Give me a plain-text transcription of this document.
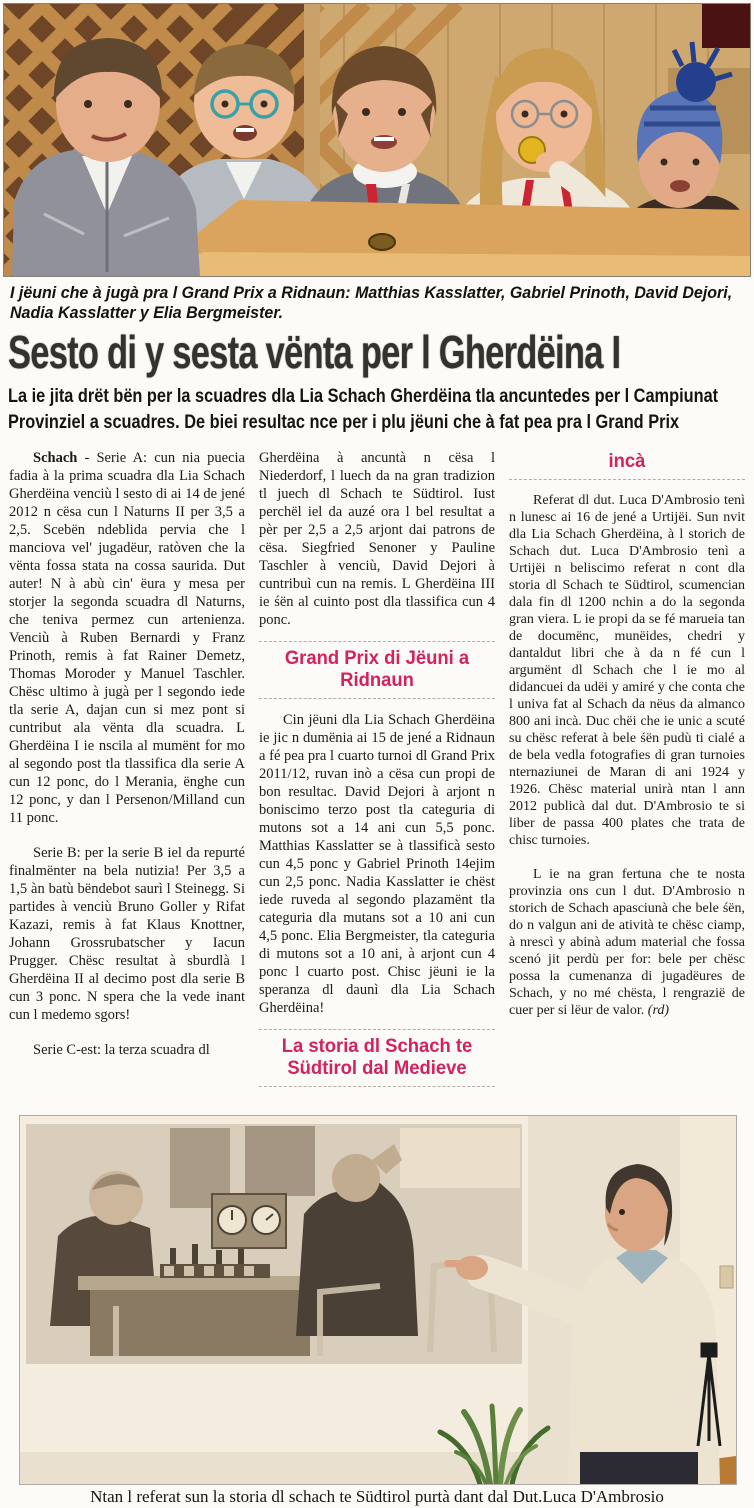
I jëuni che à jugà pra l Grand Prix a Ridnaun: Matthias Kasslatter, Gabriel Prinoth, David Dejori, Nadia Kasslatter y Elia Bergmeister.
Sesto di y sesta vënta per l Gherdëina I
La ie jita drët bën per la scuadres dla Lia Schach Gherdëina tla ancuntedes per l Campiunat
Provinziel a scuadres. De biei resultac nce per i plu jëuni che à fat pea pra l Grand Prix

Schach - Serie A: cun nia puecia fadia à la prima scuadra dla Lia Schach Gherdëina venciù l sesto di ai 14 de jené 2012 n cësa cun l Naturns II per 3,5 a 2,5. Scebën ndeblida pervia che l manciova vel' jugadëur, ratòven che la vënta fossa stata na cossa saurida. Dut auter! N à abù cin' ëura y mesa per storjer la segonda scuadra dl Naturns, che teniva permez cun artenienza. Venciù à Ruben Bernardi y Franz Prinoth, remis à fat Rainer Demetz, Thomas Moroder y Manuel Taschler. Chësc ultimo à jugà per l segondo iede tla serie A, dajan cun si mez pont si cuntribut ala vënta dla scuadra. L Gherdëina I ie nscila al mumënt for mo al segondo post tla tlassifica dla serie A cun 12 ponc, do l Merania, ënghe cun 12 ponc, y dan l Persenon/Milland cun 11 ponc.

Serie B: per la serie B iel da repurté finalmënter na bela nutizia! Per 3,5 a 1,5 àn batù bëndebot saurì l Steinegg. Si partides à venciù Bruno Goller y Rifat Kazazi, remis à fat Klaus Knottner, Johann Grossrubatscher y Iacun Prugger. Chësc resultat à sburdlà l Gherdëina II al decimo post dla serie B cun 3 ponc. N spera che la vede inant cun l medemo sgors!

Serie C-est: la terza scuadra dl

Gherdëina à ancuntà n cësa l Niederdorf, l luech da na gran tradizion tl juech dl Schach te Südtirol. Iust perchël iel da auzé ora l bel resultat a pèr per 2,5 a 2,5 arjont dai patrons de cësa. Siegfried Senoner y Pauline Taschler à venciù, David Dejori à cuntribuì cun na remis. L Gherdëina III ie śën al cuinto post dla tlassifica cun 4 ponc.

Grand Prix di Jëuni a Ridnaun

Cin jëuni dla Lia Schach Gherdëina ie jic n dumënia ai 15 de jené a Ridnaun a fé pea pra l cuarto turnoi dl Grand Prix 2011/12, ruvan inò a cësa cun propi de bon resultac. David Dejori à arjont n boniscimo terzo post tla categuria di mutons sot a 14 ani cun 5,5 ponc. Matthias Kasslatter se à tlassificà sesto cun 4,5 ponc y Gabriel Prinoth 14ejim cun 2,5 ponc. Nadia Kasslatter ie chëst iede ruveda al segondo plazamënt tla categuria dla mutans sot a 10 ani cun 4,5 ponc. Elia Bergmeister, tla categuria di mutons sot a 10 ani, à arjont cun 4 ponc l cuarto post. Chisc jëuni ie la speranza dl daunì dla Lia Schach Gherdëina!

La storia dl Schach te Südtirol dal Medieve
incà

Referat dl dut. Luca D'Ambrosio tenì n lunesc ai 16 de jené a Urtijëi. Sun nvit dla Lia Schach Gherdëina, à l storich de Schach dut. Luca D'Ambrosio tenì a Urtijëi n beliscimo referat n cont dla storia dl Schach te Südtirol, scumencian dala fin dl 1200 nchin a do la segonda gran viera. L ie propi da se fé marueia tan de documënc, munëides, chedri y dantaldut libri che à da n fé cun l argumënt dl Schach che l ie mo al didancuei da udëi y amiré y che conta che l univa fat al Schach da nëus da almanco 800 ani incà. Duc chëi che ie unic a scuté su chësc referat à bele śën pudù ti cialé a de bela vedla fotografies di gran turnoies nternaziunei de Maran di ani 1924 y 1926. Chësc material unirà ntan l ann 2012 publicà dal dut. D'Ambrosio te si liber de passa 400 plates che trata de chisc turnoies.

L ie na gran fertuna che te nosta provinzia ons cun l dut. D'Ambrosio n storich de Schach apasciunà che bele śën, do n valgun ani de atività te chësc ciamp, à nrescì y abinà adum material che fossa scenó jit perdù per for: bele per chësc possa la cumenanza di jugadëures de Schach, y no mé chësta, l rengrazië de cuer per si lëur de valor. (rd)

Ntan l referat sun la storia dl schach te Südtirol purtà dant dal Dut.Luca D'Ambrosio
